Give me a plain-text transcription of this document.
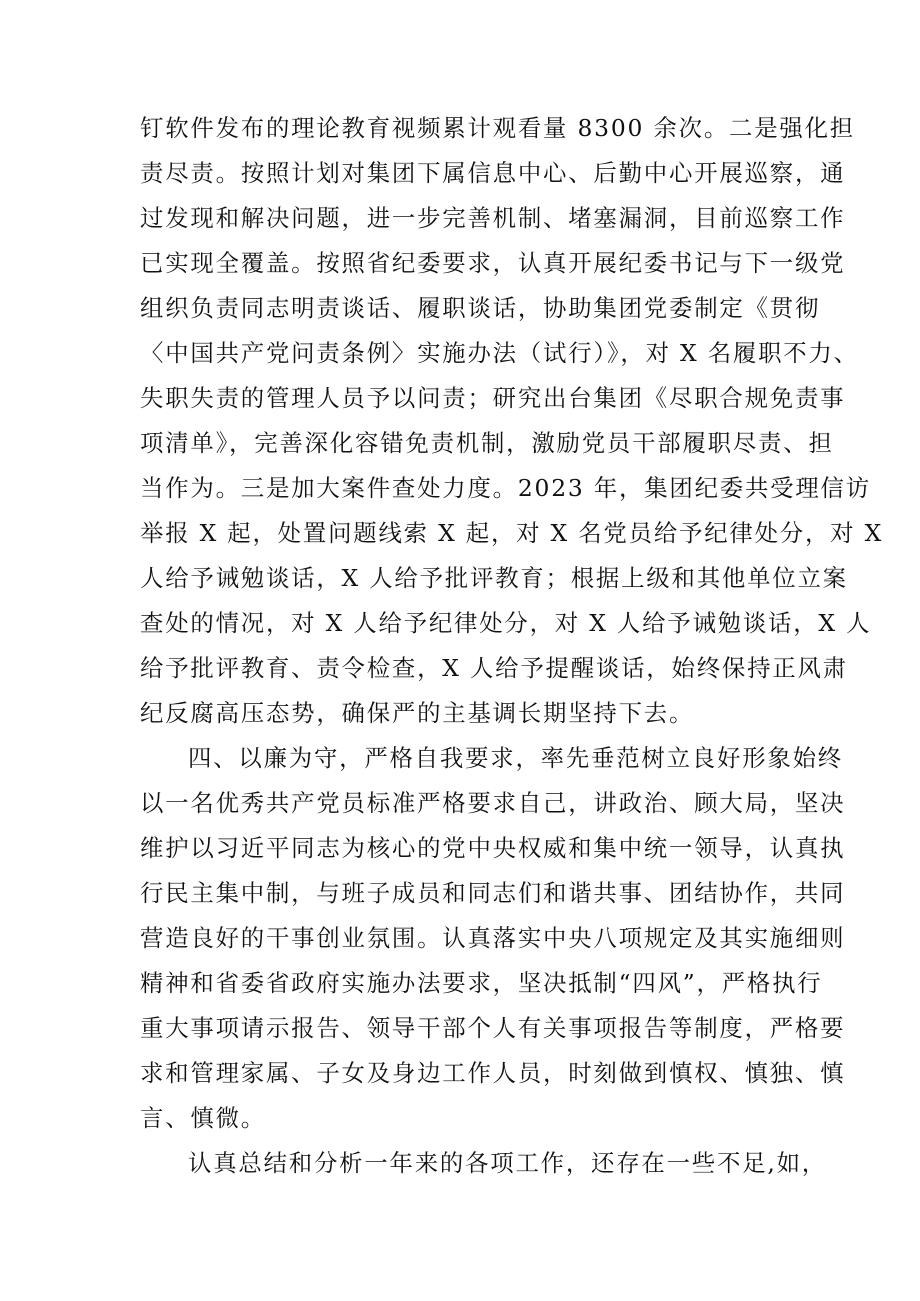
钉软件发布的理论教育视频累计观看量 8300 余次。二是强化担
责尽责。按照计划对集团下属信息中心、后勤中心开展巡察，通
过发现和解决问题，进一步完善机制、堵塞漏洞，目前巡察工作
已实现全覆盖。按照省纪委要求，认真开展纪委书记与下一级党
组织负责同志明责谈话、履职谈话，协助集团党委制定《贯彻
〈中国共产党问责条例〉实施办法（试行）》，对 X 名履职不力、
失职失责的管理人员予以问责；研究出台集团《尽职合规免责事
项清单》，完善深化容错免责机制，激励党员干部履职尽责、担
当作为。三是加大案件查处力度。2023 年，集团纪委共受理信访
举报 X 起，处置问题线索 X 起，对 X 名党员给予纪律处分，对 X
人给予诫勉谈话，X 人给予批评教育；根据上级和其他单位立案
查处的情况，对 X 人给予纪律处分，对 X 人给予诫勉谈话，X 人
给予批评教育、责令检查，X 人给予提醒谈话，始终保持正风肃
纪反腐高压态势，确保严的主基调长期坚持下去。
四、以廉为守，严格自我要求，率先垂范树立良好形象始终
以一名优秀共产党员标准严格要求自己，讲政治、顾大局，坚决
维护以习近平同志为核心的党中央权威和集中统一领导，认真执
行民主集中制，与班子成员和同志们和谐共事、团结协作，共同
营造良好的干事创业氛围。认真落实中央八项规定及其实施细则
精神和省委省政府实施办法要求，坚决抵制“四风”，严格执行
重大事项请示报告、领导干部个人有关事项报告等制度，严格要
求和管理家属、子女及身边工作人员，时刻做到慎权、慎独、慎
言、慎微。
认真总结和分析一年来的各项工作，还存在一些不足,如，
